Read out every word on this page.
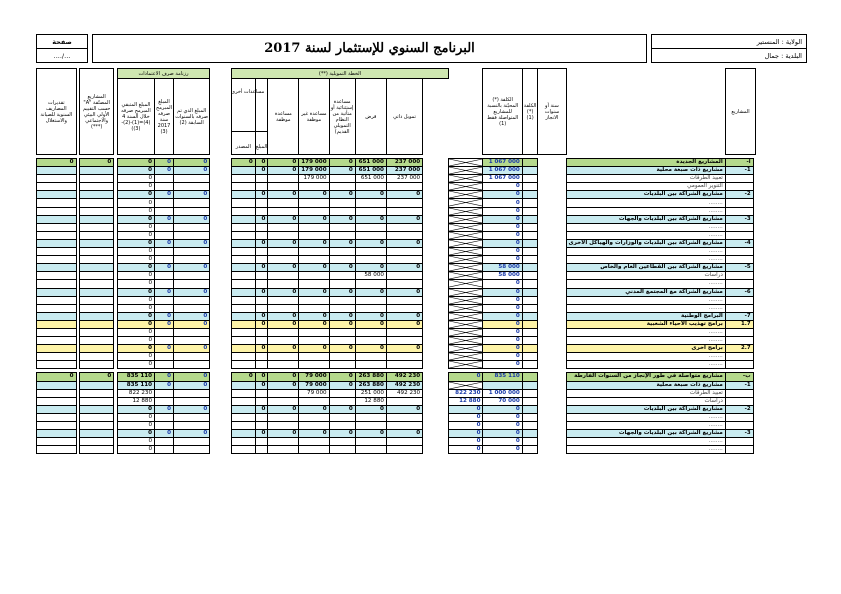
الولاية : المنستير
البلدية : جمال
البرنامج السنوي للإستثمار لسنة 2017
صفحة
..../...
تقديرات المصاريف السنوية للصيانة والاستغلال		المشاريع المصنّفة "A" حسب التقييم الأولي البيئي والاجتماعي (***)		رزنامة صرف الاعتمادات				الخطة التمويلية (**)									الكلفة (*) المحيّنة بالنسبة للمشاريع المتواصلة فقط (1)	الكلفة (*) (1)	سنة أو سنوات الانجاز		المشاريع
				المبلغ المتبقي المبرمج صرفه خلال السنة 4 (4)=(1)-(2)-(3))	المبلغ المبرمج صرفه سنة 2017 (3)	المبلغ الذي تم صرفه بالسنوات السابقة (2)		المصدر	مساعدات أخرى
المبلغ	مساعدة موظفة	مساعدة غير موظفة	مساعدة إستثنائية أو متأتية من النظام التمويلي القديم)	قرض	تمويل ذاتي							

0		0		0	0	0		0	0	0	179 000	0	651 000	237 000			1 067 000			المشاريع الجديدة	أ-
				0	0	0			0	0	179 000	0	651 000	237 000			1 067 000			مشاريع ذات صبغة محلية	1-
				0							179 000		651 000	237 000			1 067 000			تعبيد الطرقات	
				0													0			التنوير العمومي	
				0	0	0			0	0	0	0	0	0			0			مشاريع الشراكة بين البلديات	2-
				0													0			........	
				0													0			........	
				0	0	0			0	0	0	0	0	0			0			مشاريع الشراكة بين البلديات والجهات	3-
				0													0			........	
				0													0			........	
				0	0	0			0	0	0	0	0	0			0			مشاريع الشراكة بين البلديات والوزارات والهياكل الأخرى	4-
				0													0			........	
				0													0			........	
				0	0	0			0	0	0	0	0	0			58 000			مشاريع الشراكة بين القطاعين العام والخاص	5-
				0									58 000				58 000			دراسات	
				0													0			........	
				0	0	0			0	0	0	0	0	0			0			مشاريع الشراكة مع المجتمع المدني	6-
				0													0			........	
				0													0			........	
				0	0	0			0	0	0	0	0	0			0			البرامج الوطنية	7-
				0	0	0			0	0	0	0	0	0			0			برامج تهذيب الأحياء الشعبية	1.7
				0													0			........	
				0													0			........	
				0	0	0			0	0	0	0	0	0			0			برامج أخرى	2.7
				0													0			........	
				0													0			........	

0		0		835 110	0	0		0	0	0	79 000	0	263 880	492 230		0	835 110			مشاريع متواصلة في طور الإنجاز من السنوات الفارطة	ب-
				835 110	0	0			0	0	79 000	0	263 880	492 230						مشاريع ذات صبغة محلية	1-
				822 230							79 000		251 000	492 230		822 230	1 000 000			تعبيد الطرقات	
				12 880									12 880			12 880	70 000			دراسات	
				0	0	0			0	0	0	0	0	0		0	0			مشاريع الشراكة بين البلديات	2-
				0												0	0			........	
				0												0	0			........	
				0	0	0			0	0	0	0	0	0		0	0			مشاريع الشراكة بين البلديات والجهات	3-
				0												0	0			........	
				0												0	0			........	
